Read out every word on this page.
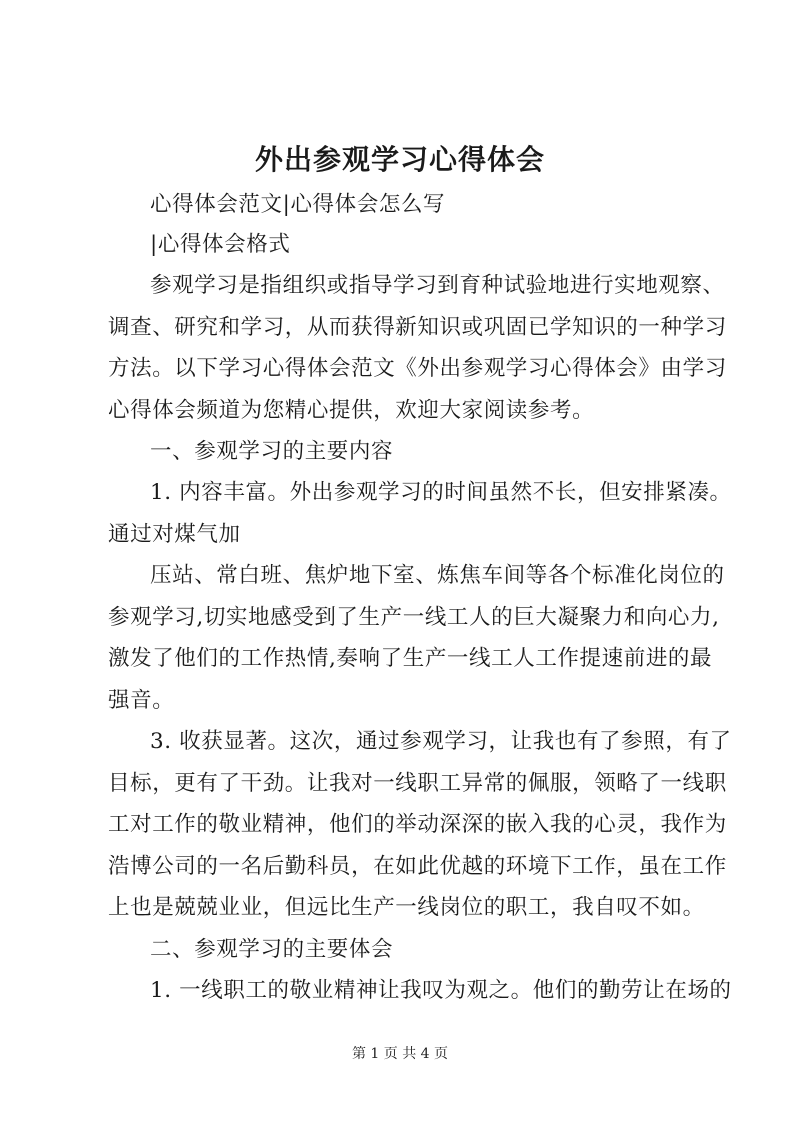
外出参观学习心得体会
心得体会范文|心得体会怎么写
|心得体会格式
参观学习是指组织或指导学习到育种试验地进行实地观察、
调查、研究和学习，从而获得新知识或巩固已学知识的一种学习
方法。以下学习心得体会范文《外出参观学习心得体会》由学习
心得体会频道为您精心提供，欢迎大家阅读参考。
一、参观学习的主要内容
1. 内容丰富。外出参观学习的时间虽然不长，但安排紧凑。
通过对煤气加
压站、常白班、焦炉地下室、炼焦车间等各个标准化岗位的
参观学习,切实地感受到了生产一线工人的巨大凝聚力和向心力,
激发了他们的工作热情,奏响了生产一线工人工作提速前进的最
强音。
3. 收获显著。这次，通过参观学习，让我也有了参照，有了
目标，更有了干劲。让我对一线职工异常的佩服，领略了一线职
工对工作的敬业精神，他们的举动深深的嵌入我的心灵，我作为
浩博公司的一名后勤科员，在如此优越的环境下工作，虽在工作
上也是兢兢业业，但远比生产一线岗位的职工，我自叹不如。
二、参观学习的主要体会
1. 一线职工的敬业精神让我叹为观之。他们的勤劳让在场的
第 1 页 共 4 页
